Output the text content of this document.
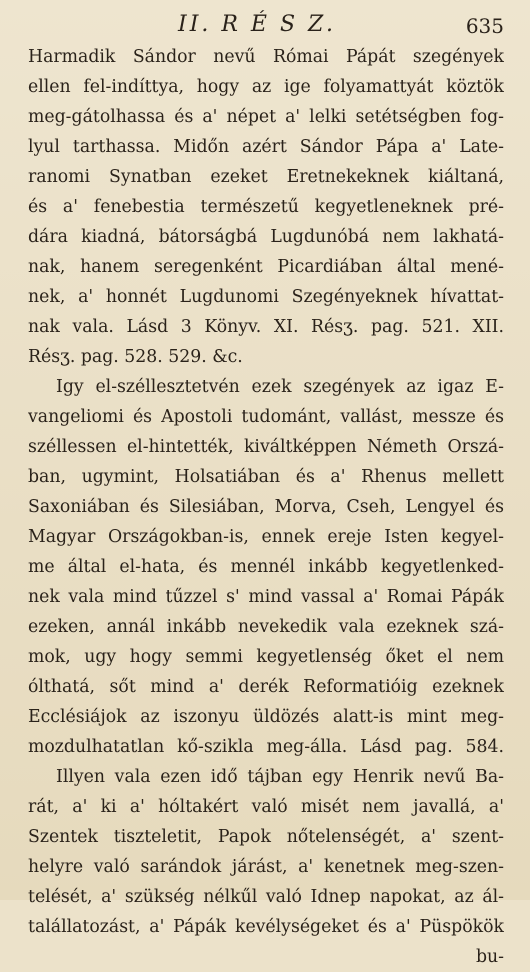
II. R É S Z.	635
Harmadik Sándor nevű Római Pápát szegények
ellen fel-indíttya, hogy az ige folyamattyát köztök
meg-gátolhassa és a' népet a' lelki setétségben fog-
lyul tarthassa. Midőn azért Sándor Pápa a' Late-
ranomi Synatban ezeket Eretnekeknek kiáltaná,
és a' fenebestia természetű kegyetleneknek pré-
dára kiadná, bátorságbá Lugdunóbá nem lakhatá-
nak, hanem seregenként Picardiában által mené-
nek, a' honnét Lugdunomi Szegényeknek hívattat-
nak vala. Lásd 3 Könyv. XI. Résʒ. pag. 521. XII.
Résʒ. pag. 528. 529. &c.
Igy el-széllesztetvén ezek szegények az igaz E-
vangeliomi és Apostoli tudománt, vallást, messze és
széllessen el-hintették, kiváltképpen Németh Orszá-
ban, ugymint, Holsatiában és a' Rhenus mellett
Saxoniában és Silesiában, Morva, Cseh, Lengyel és
Magyar Országokban-is, ennek ereje Isten kegyel-
me által el-hata, és mennél inkább kegyetlenked-
nek vala mind tűzzel s' mind vassal a' Romai Pápák
ezeken, annál inkább nevekedik vala ezeknek szá-
mok, ugy hogy semmi kegyetlenség őket el nem
ólthatá, sőt mind a' derék Reformatióig ezeknek
Ecclésiájok az iszonyu üldözés alatt-is mint meg-
mozdulhatatlan kő-szikla meg-álla. Lásd pag. 584.
Illyen vala ezen idő tájban egy Henrik nevű Ba-
rát, a' ki a' hóltakért való misét nem javallá, a'
Szentek tiszteletit, Papok nőtelenségét, a' szent-
helyre való sarándok járást, a' kenetnek meg-szen-
telését, a' szükség nélkűl való Idnep napokat, az ál-
talállatozást, a' Pápák kevélységeket és a' Püspökök
bu-
